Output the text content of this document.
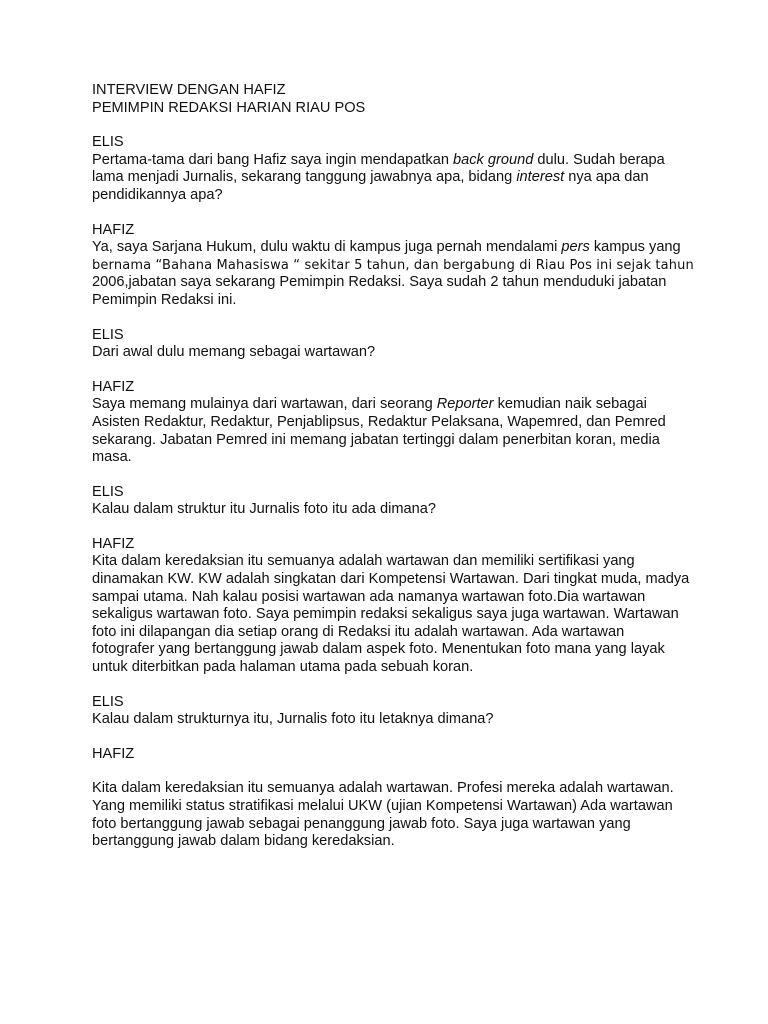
INTERVIEW DENGAN HAFIZ
PEMIMPIN REDAKSI HARIAN RIAU POS
ELIS
Pertama-tama dari bang Hafiz saya ingin mendapatkan back ground dulu. Sudah berapa
lama menjadi Jurnalis, sekarang tanggung jawabnya apa, bidang interest nya apa dan
pendidikannya apa?
HAFIZ
Ya, saya Sarjana Hukum, dulu waktu di kampus juga pernah mendalami pers kampus yang
bernama “Bahana Mahasiswa “ sekitar 5 tahun, dan bergabung di Riau Pos ini sejak tahun
2006,jabatan saya sekarang Pemimpin Redaksi. Saya sudah 2 tahun menduduki jabatan
Pemimpin Redaksi ini.
ELIS
Dari awal dulu memang sebagai wartawan?
HAFIZ
Saya memang mulainya dari wartawan, dari seorang Reporter kemudian naik sebagai
Asisten Redaktur, Redaktur, Penjablipsus, Redaktur Pelaksana, Wapemred, dan Pemred
sekarang. Jabatan Pemred ini memang jabatan tertinggi dalam penerbitan koran, media
masa.
ELIS
Kalau dalam struktur itu Jurnalis foto itu ada dimana?
HAFIZ
Kita dalam keredaksian itu semuanya adalah wartawan dan memiliki sertifikasi yang
dinamakan KW. KW adalah singkatan dari Kompetensi Wartawan. Dari tingkat muda, madya
sampai utama. Nah kalau posisi wartawan ada namanya wartawan foto.Dia wartawan
sekaligus wartawan foto. Saya pemimpin redaksi sekaligus saya juga wartawan. Wartawan
foto ini dilapangan dia setiap orang di Redaksi itu adalah wartawan. Ada wartawan
fotografer yang bertanggung jawab dalam aspek foto. Menentukan foto mana yang layak
untuk diterbitkan pada halaman utama pada sebuah koran.
ELIS
Kalau dalam strukturnya itu, Jurnalis foto itu letaknya dimana?
HAFIZ
Kita dalam keredaksian itu semuanya adalah wartawan. Profesi mereka adalah wartawan.
Yang memiliki status stratifikasi melalui UKW (ujian Kompetensi Wartawan) Ada wartawan
foto bertanggung jawab sebagai penanggung jawab foto. Saya juga wartawan yang
bertanggung jawab dalam bidang keredaksian.
